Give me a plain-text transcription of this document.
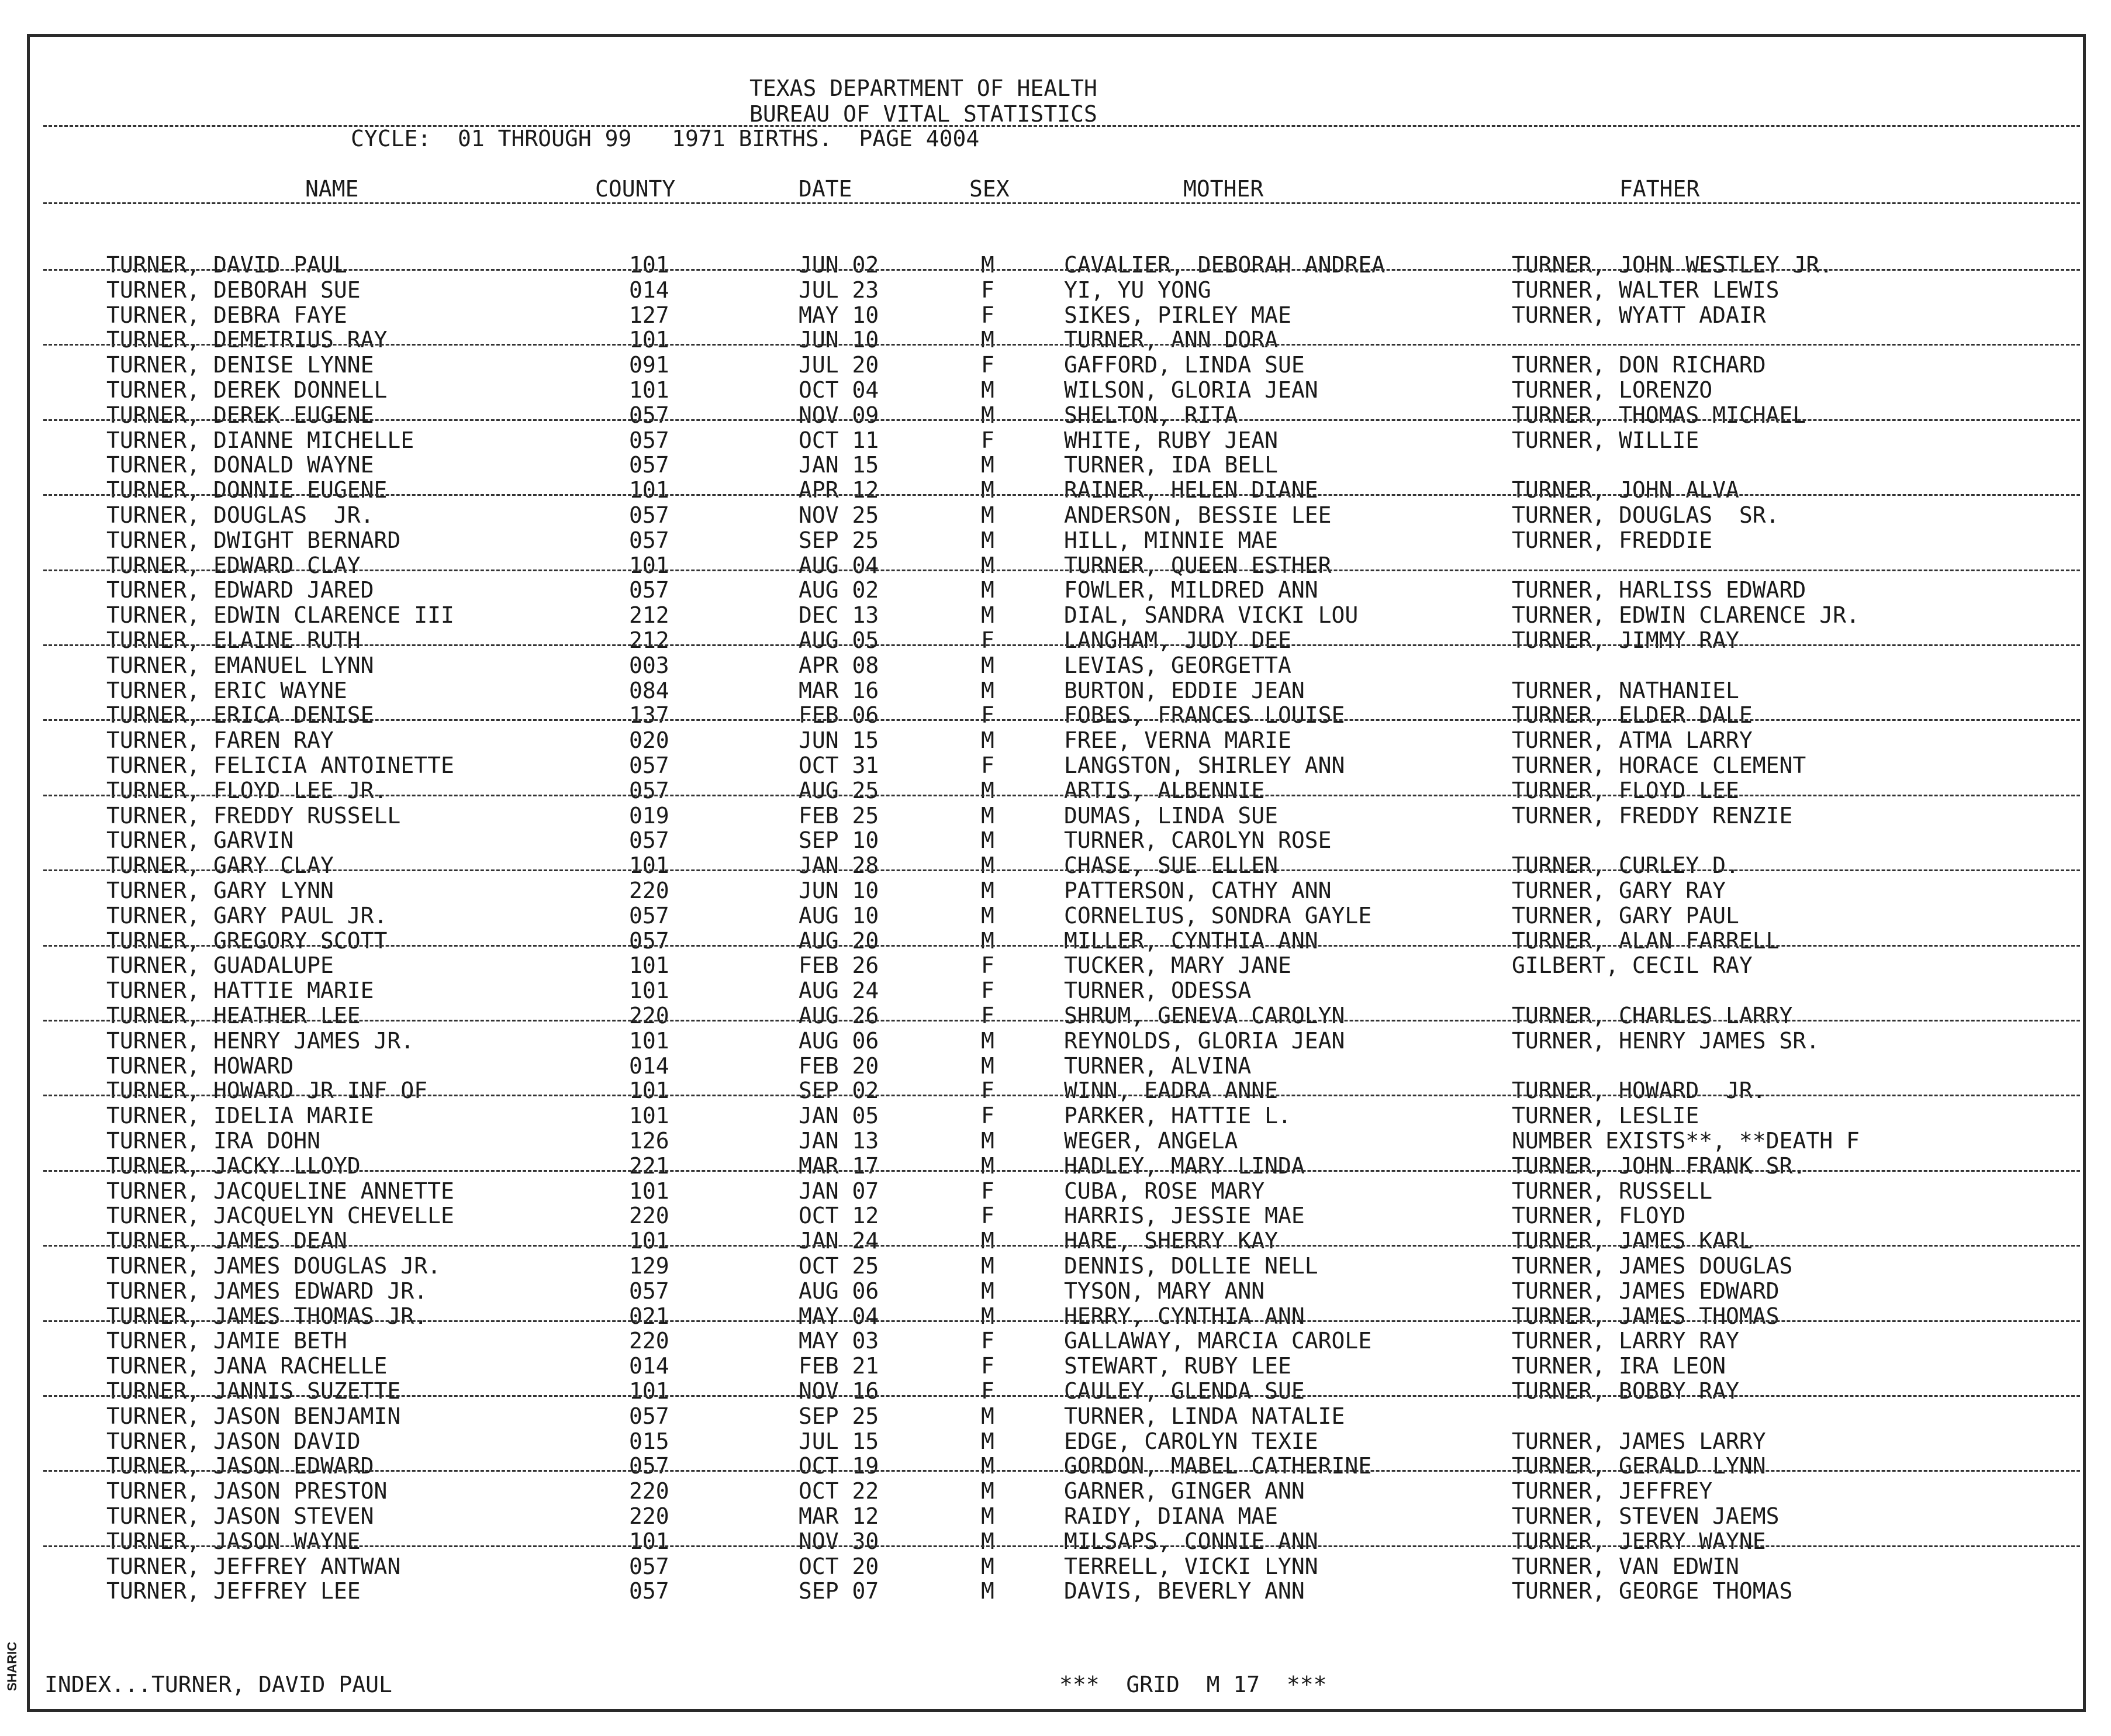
SHARIC
TEXAS DEPARTMENT OF HEALTH
BUREAU OF VITAL STATISTICS
CYCLE:  01 THROUGH 99   1971 BIRTHS.  PAGE 4004
NAME	COUNTY	DATE	SEX	MOTHER	FATHER
TURNER, DAVID PAUL	101	JUN 02	M	CAVALIER, DEBORAH ANDREA	TURNER, JOHN WESTLEY JR.
TURNER, DEBORAH SUE	014	JUL 23	F	YI, YU YONG	TURNER, WALTER LEWIS
TURNER, DEBRA FAYE	127	MAY 10	F	SIKES, PIRLEY MAE	TURNER, WYATT ADAIR
TURNER, DEMETRIUS RAY	101	JUN 10	M	TURNER, ANN DORA
TURNER, DENISE LYNNE	091	JUL 20	F	GAFFORD, LINDA SUE	TURNER, DON RICHARD
TURNER, DEREK DONNELL	101	OCT 04	M	WILSON, GLORIA JEAN	TURNER, LORENZO
TURNER, DEREK EUGENE	057	NOV 09	M	SHELTON, RITA	TURNER, THOMAS MICHAEL
TURNER, DIANNE MICHELLE	057	OCT 11	F	WHITE, RUBY JEAN	TURNER, WILLIE
TURNER, DONALD WAYNE	057	JAN 15	M	TURNER, IDA BELL
TURNER, DONNIE EUGENE	101	APR 12	M	RAINER, HELEN DIANE	TURNER, JOHN ALVA
TURNER, DOUGLAS  JR.	057	NOV 25	M	ANDERSON, BESSIE LEE	TURNER, DOUGLAS  SR.
TURNER, DWIGHT BERNARD	057	SEP 25	M	HILL, MINNIE MAE	TURNER, FREDDIE
TURNER, EDWARD CLAY	101	AUG 04	M	TURNER, QUEEN ESTHER
TURNER, EDWARD JARED	057	AUG 02	M	FOWLER, MILDRED ANN	TURNER, HARLISS EDWARD
TURNER, EDWIN CLARENCE III	212	DEC 13	M	DIAL, SANDRA VICKI LOU	TURNER, EDWIN CLARENCE JR.
TURNER, ELAINE RUTH	212	AUG 05	F	LANGHAM, JUDY DEE	TURNER, JIMMY RAY
TURNER, EMANUEL LYNN	003	APR 08	M	LEVIAS, GEORGETTA
TURNER, ERIC WAYNE	084	MAR 16	M	BURTON, EDDIE JEAN	TURNER, NATHANIEL
TURNER, ERICA DENISE	137	FEB 06	F	FOBES, FRANCES LOUISE	TURNER, ELDER DALE
TURNER, FAREN RAY	020	JUN 15	M	FREE, VERNA MARIE	TURNER, ATMA LARRY
TURNER, FELICIA ANTOINETTE	057	OCT 31	F	LANGSTON, SHIRLEY ANN	TURNER, HORACE CLEMENT
TURNER, FLOYD LEE JR.	057	AUG 25	M	ARTIS, ALBENNIE	TURNER, FLOYD LEE
TURNER, FREDDY RUSSELL	019	FEB 25	M	DUMAS, LINDA SUE	TURNER, FREDDY RENZIE
TURNER, GARVIN	057	SEP 10	M	TURNER, CAROLYN ROSE
TURNER, GARY CLAY	101	JAN 28	M	CHASE, SUE ELLEN	TURNER, CURLEY D.
TURNER, GARY LYNN	220	JUN 10	M	PATTERSON, CATHY ANN	TURNER, GARY RAY
TURNER, GARY PAUL JR.	057	AUG 10	M	CORNELIUS, SONDRA GAYLE	TURNER, GARY PAUL
TURNER, GREGORY SCOTT	057	AUG 20	M	MILLER, CYNTHIA ANN	TURNER, ALAN FARRELL
TURNER, GUADALUPE	101	FEB 26	F	TUCKER, MARY JANE	GILBERT, CECIL RAY
TURNER, HATTIE MARIE	101	AUG 24	F	TURNER, ODESSA
TURNER, HEATHER LEE	220	AUG 26	F	SHRUM, GENEVA CAROLYN	TURNER, CHARLES LARRY
TURNER, HENRY JAMES JR.	101	AUG 06	M	REYNOLDS, GLORIA JEAN	TURNER, HENRY JAMES SR.
TURNER, HOWARD	014	FEB 20	M	TURNER, ALVINA
TURNER, HOWARD JR INF OF	101	SEP 02	F	WINN, EADRA ANNE	TURNER, HOWARD  JR.
TURNER, IDELIA MARIE	101	JAN 05	F	PARKER, HATTIE L.	TURNER, LESLIE
TURNER, IRA DOHN	126	JAN 13	M	WEGER, ANGELA	NUMBER EXISTS**, **DEATH F
TURNER, JACKY LLOYD	221	MAR 17	M	HADLEY, MARY LINDA	TURNER, JOHN FRANK SR.
TURNER, JACQUELINE ANNETTE	101	JAN 07	F	CUBA, ROSE MARY	TURNER, RUSSELL
TURNER, JACQUELYN CHEVELLE	220	OCT 12	F	HARRIS, JESSIE MAE	TURNER, FLOYD
TURNER, JAMES DEAN	101	JAN 24	M	HARE, SHERRY KAY	TURNER, JAMES KARL
TURNER, JAMES DOUGLAS JR.	129	OCT 25	M	DENNIS, DOLLIE NELL	TURNER, JAMES DOUGLAS
TURNER, JAMES EDWARD JR.	057	AUG 06	M	TYSON, MARY ANN	TURNER, JAMES EDWARD
TURNER, JAMES THOMAS JR.	021	MAY 04	M	HERRY, CYNTHIA ANN	TURNER, JAMES THOMAS
TURNER, JAMIE BETH	220	MAY 03	F	GALLAWAY, MARCIA CAROLE	TURNER, LARRY RAY
TURNER, JANA RACHELLE	014	FEB 21	F	STEWART, RUBY LEE	TURNER, IRA LEON
TURNER, JANNIS SUZETTE	101	NOV 16	F	CAULEY, GLENDA SUE	TURNER, BOBBY RAY
TURNER, JASON BENJAMIN	057	SEP 25	M	TURNER, LINDA NATALIE
TURNER, JASON DAVID	015	JUL 15	M	EDGE, CAROLYN TEXIE	TURNER, JAMES LARRY
TURNER, JASON EDWARD	057	OCT 19	M	GORDON, MABEL CATHERINE	TURNER, GERALD LYNN
TURNER, JASON PRESTON	220	OCT 22	M	GARNER, GINGER ANN	TURNER, JEFFREY
TURNER, JASON STEVEN	220	MAR 12	M	RAIDY, DIANA MAE	TURNER, STEVEN JAEMS
TURNER, JASON WAYNE	101	NOV 30	M	MILSAPS, CONNIE ANN	TURNER, JERRY WAYNE
TURNER, JEFFREY ANTWAN	057	OCT 20	M	TERRELL, VICKI LYNN	TURNER, VAN EDWIN
TURNER, JEFFREY LEE	057	SEP 07	M	DAVIS, BEVERLY ANN	TURNER, GEORGE THOMAS
INDEX...TURNER, DAVID PAUL	***  GRID  M 17  ***
